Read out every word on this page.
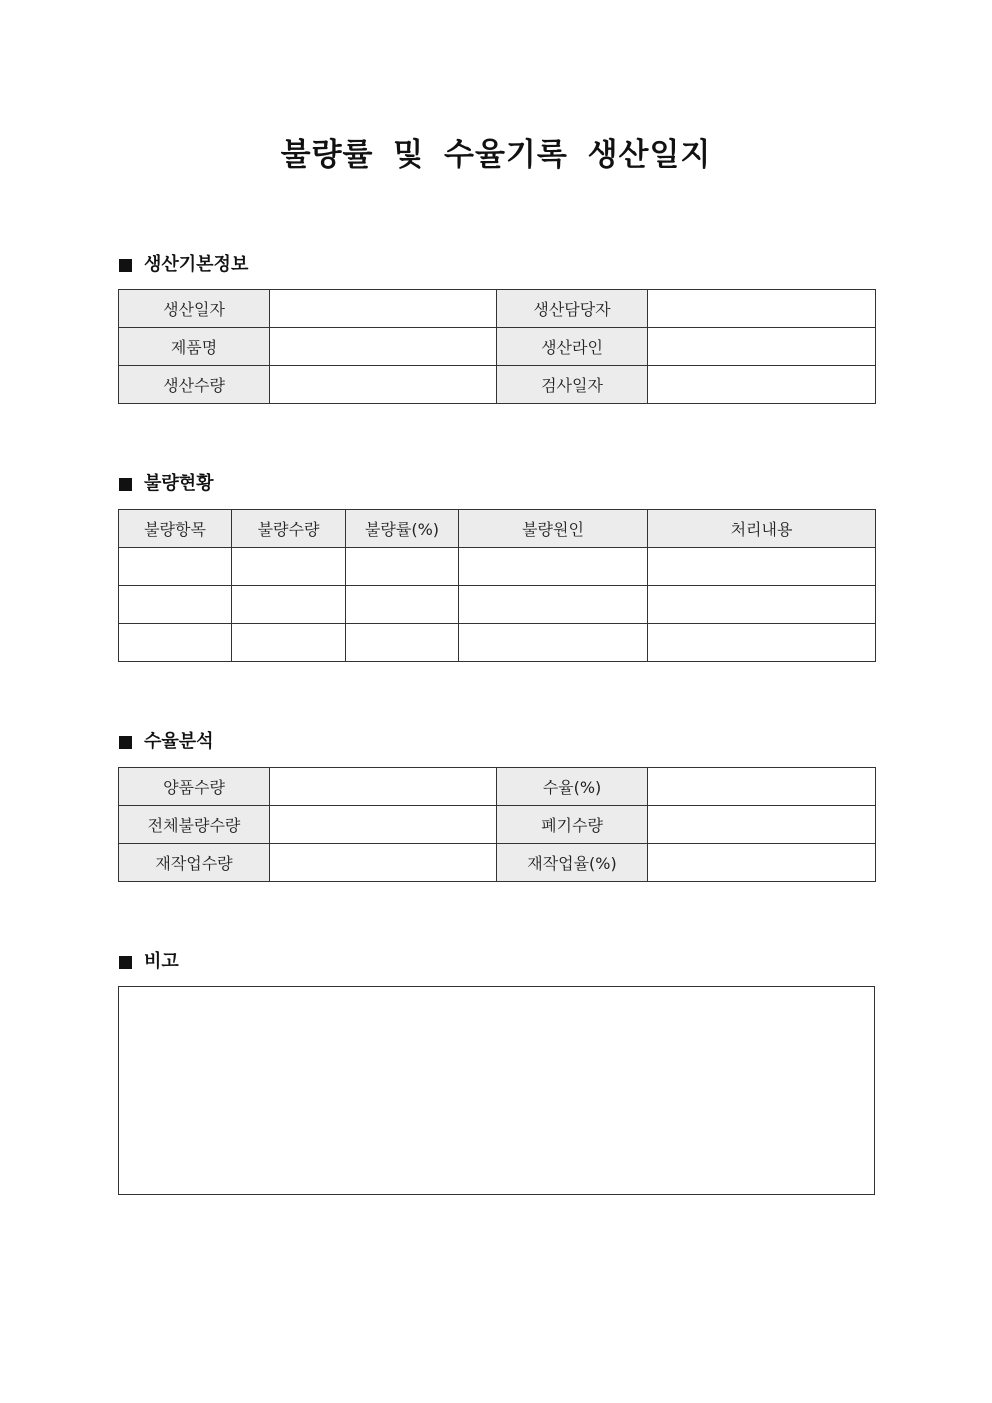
불량률 및 수율기록 생산일지
생산기본정보
생산일자		생산담당자	
제품명		생산라인	
생산수량		검사일자	
불량현황
불량항목	불량수량	불량률(%)	불량원인	처리내용

수율분석
양품수량		수율(%)	
전체불량수량		폐기수량	
재작업수량		재작업율(%)	
비고
